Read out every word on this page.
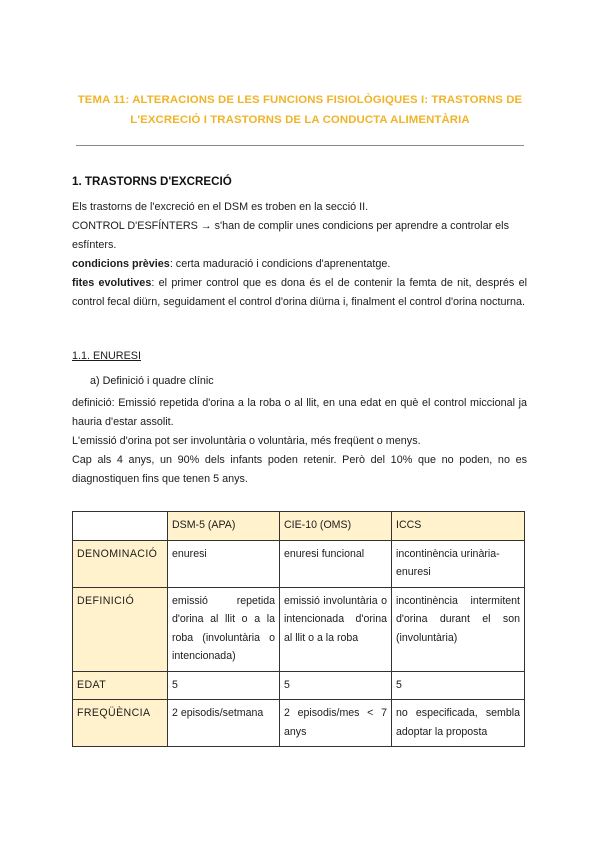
TEMA 11: ALTERACIONS DE LES FUNCIONS FISIOLÒGIQUES I: TRASTORNS DE L'EXCRECIÓ I TRASTORNS DE LA CONDUCTA ALIMENTÀRIA
1. TRASTORNS D'EXCRECIÓ
Els trastorns de l'excreció en el DSM es troben en la secció II.
CONTROL D'ESFÍNTERS → s'han de complir unes condicions per aprendre a controlar els esfínters.
condicions prèvies: certa maduració i condicions d'aprenentatge.
fites evolutives: el primer control que es dona és el de contenir la femta de nit, després el control fecal diürn, seguidament el control d'orina diürna i, finalment el control d'orina nocturna.
1.1. ENURESI
a) Definició i quadre clínic
definició: Emissió repetida d'orina a la roba o al llit, en una edat en què el control miccional ja hauria d'estar assolit.
L'emissió d'orina pot ser involuntària o voluntària, més freqüent o menys.
Cap als 4 anys, un 90% dels infants poden retenir. Però del 10% que no poden, no es diagnostiquen fins que tenen 5 anys.
	DSM-5 (APA)	CIE-10 (OMS)	ICCS
DENOMINACIÓ	enuresi	enuresi funcional	incontinència urinària-enuresi
DEFINICIÓ	emissió repetida d'orina al llit o a la roba (involuntària o intencionada)	emissió involuntària o intencionada d'orina al llit o a la roba	incontinència intermitent d'orina durant el son (involuntària)
EDAT	5	5	5
FREQÜÈNCIA	2 episodis/setmana	2 episodis/mes < 7 anys	no especificada, sembla adoptar la proposta
